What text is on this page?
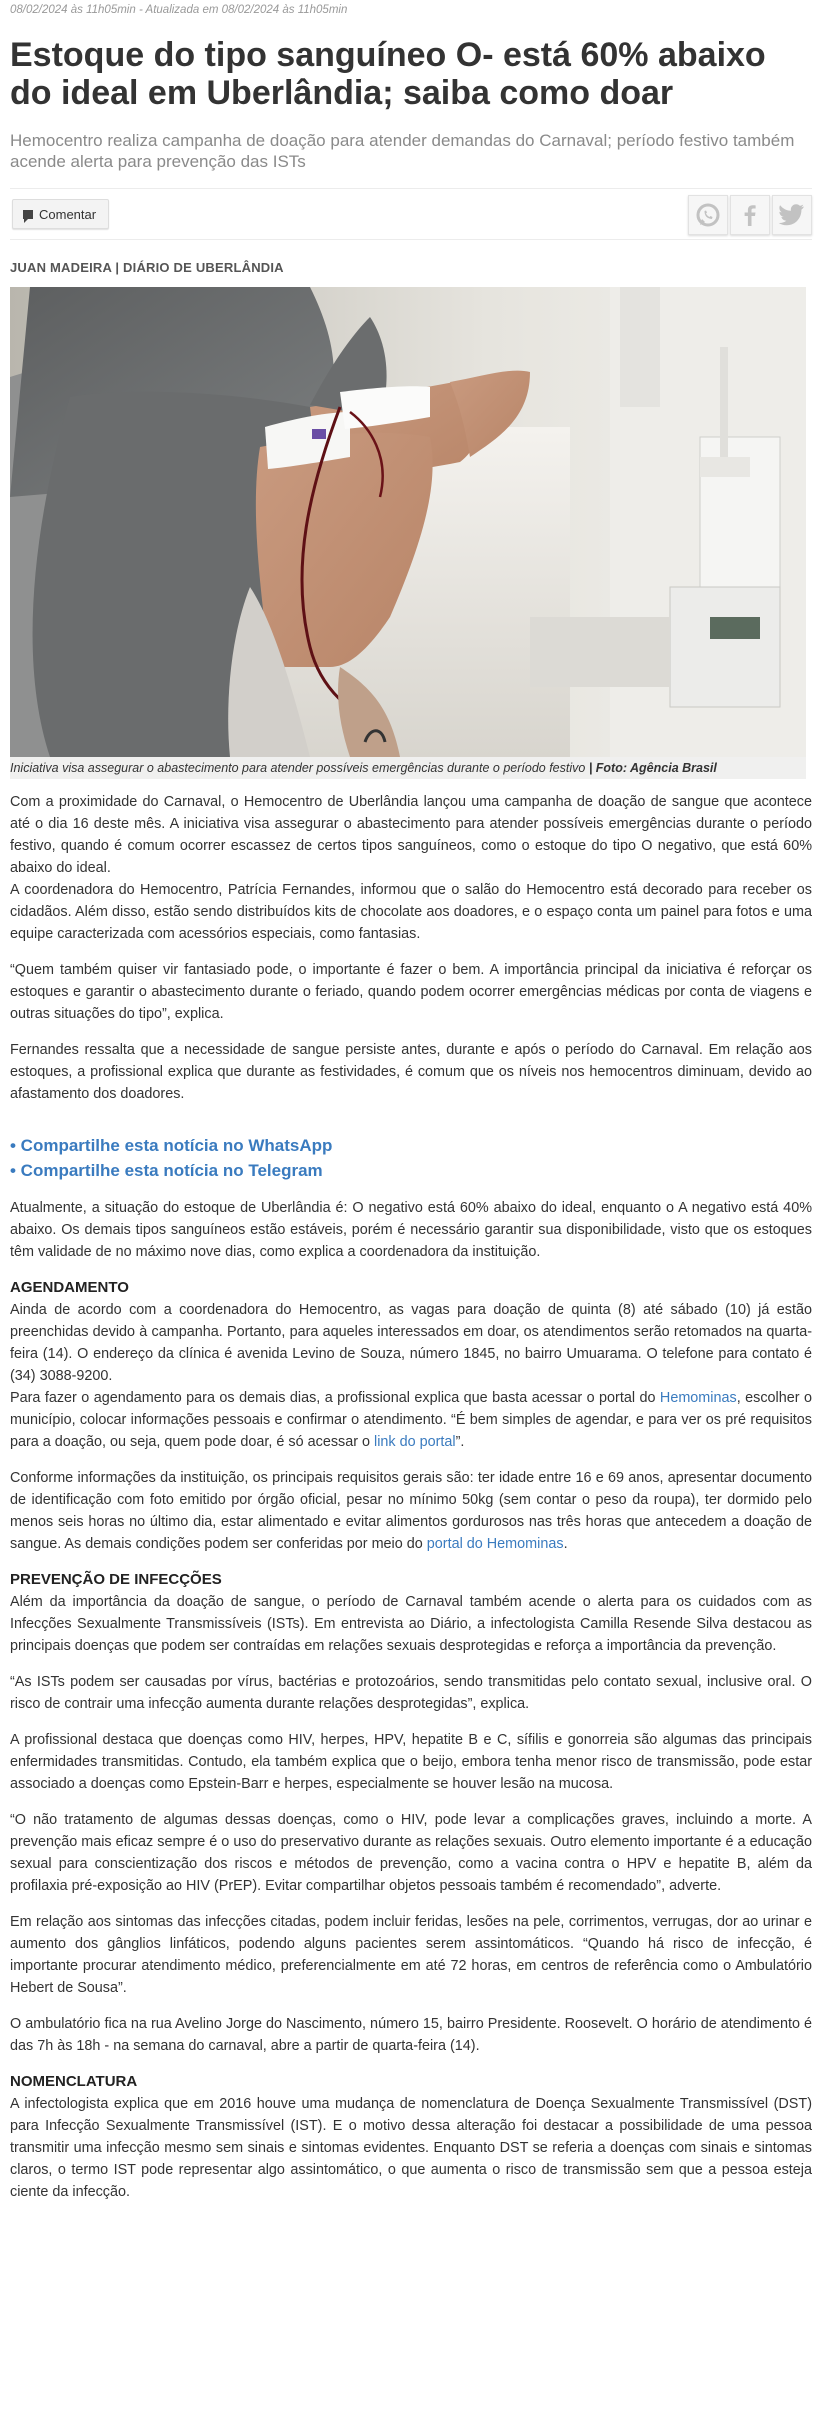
08/02/2024 às 11h05min - Atualizada em 08/02/2024 às 11h05min
Estoque do tipo sanguíneo O- está 60% abaixo do ideal em Uberlândia; saiba como doar
Hemocentro realiza campanha de doação para atender demandas do Carnaval; período festivo também acende alerta para prevenção das ISTs
Comentar
JUAN MADEIRA | DIÁRIO DE UBERLÂNDIA
Iniciativa visa assegurar o abastecimento para atender possíveis emergências durante o período festivo | Foto: Agência Brasil

Com a proximidade do Carnaval, o Hemocentro de Uberlândia lançou uma campanha de doação de sangue que acontece até o dia 16 deste mês. A iniciativa visa assegurar o abastecimento para atender possíveis emergências durante o período festivo, quando é comum ocorrer escassez de certos tipos sanguíneos, como o estoque do tipo O negativo, que está 60% abaixo do ideal.

A coordenadora do Hemocentro, Patrícia Fernandes, informou que o salão do Hemocentro está decorado para receber os cidadãos. Além disso, estão sendo distribuídos kits de chocolate aos doadores, e o espaço conta um painel para fotos e uma equipe caracterizada com acessórios especiais, como fantasias.

“Quem também quiser vir fantasiado pode, o importante é fazer o bem. A importância principal da iniciativa é reforçar os estoques e garantir o abastecimento durante o feriado, quando podem ocorrer emergências médicas por conta de viagens e outras situações do tipo”, explica.

Fernandes ressalta que a necessidade de sangue persiste antes, durante e após o período do Carnaval. Em relação aos estoques, a profissional explica que durante as festividades, é comum que os níveis nos hemocentros diminuam, devido ao afastamento dos doadores.

• Compartilhe esta notícia no WhatsApp
• Compartilhe esta notícia no Telegram

Atualmente, a situação do estoque de Uberlândia é: O negativo está 60% abaixo do ideal, enquanto o A negativo está 40% abaixo. Os demais tipos sanguíneos estão estáveis, porém é necessário garantir sua disponibilidade, visto que os estoques têm validade de no máximo nove dias, como explica a coordenadora da instituição.

AGENDAMENTO

Ainda de acordo com a coordenadora do Hemocentro, as vagas para doação de quinta (8) até sábado (10) já estão preenchidas devido à campanha. Portanto, para aqueles interessados em doar, os atendimentos serão retomados na quarta-feira (14). O endereço da clínica é avenida Levino de Souza, número 1845, no bairro Umuarama. O telefone para contato é (34) 3088-9200.

Para fazer o agendamento para os demais dias, a profissional explica que basta acessar o portal do Hemominas, escolher o município, colocar informações pessoais e confirmar o atendimento. “É bem simples de agendar, e para ver os pré requisitos para a doação, ou seja, quem pode doar, é só acessar o link do portal”.

Conforme informações da instituição, os principais requisitos gerais são: ter idade entre 16 e 69 anos, apresentar documento de identificação com foto emitido por órgão oficial, pesar no mínimo 50kg (sem contar o peso da roupa), ter dormido pelo menos seis horas no último dia, estar alimentado e evitar alimentos gordurosos nas três horas que antecedem a doação de sangue. As demais condições podem ser conferidas por meio do portal do Hemominas.

PREVENÇÃO DE INFECÇÕES

Além da importância da doação de sangue, o período de Carnaval também acende o alerta para os cuidados com as Infecções Sexualmente Transmissíveis (ISTs). Em entrevista ao Diário, a infectologista Camilla Resende Silva destacou as principais doenças que podem ser contraídas em relações sexuais desprotegidas e reforça a importância da prevenção.

“As ISTs podem ser causadas por vírus, bactérias e protozoários, sendo transmitidas pelo contato sexual, inclusive oral. O risco de contrair uma infecção aumenta durante relações desprotegidas”, explica.

A profissional destaca que doenças como HIV, herpes, HPV, hepatite B e C, sífilis e gonorreia são algumas das principais enfermidades transmitidas. Contudo, ela também explica que o beijo, embora tenha menor risco de transmissão, pode estar associado a doenças como Epstein-Barr e herpes, especialmente se houver lesão na mucosa.

“O não tratamento de algumas dessas doenças, como o HIV, pode levar a complicações graves, incluindo a morte. A prevenção mais eficaz sempre é o uso do preservativo durante as relações sexuais. Outro elemento importante é a educação sexual para conscientização dos riscos e métodos de prevenção, como a vacina contra o HPV e hepatite B, além da profilaxia pré-exposição ao HIV (PrEP). Evitar compartilhar objetos pessoais também é recomendado”, adverte.

Em relação aos sintomas das infecções citadas, podem incluir feridas, lesões na pele, corrimentos, verrugas, dor ao urinar e aumento dos gânglios linfáticos, podendo alguns pacientes serem assintomáticos. “Quando há risco de infecção, é importante procurar atendimento médico, preferencialmente em até 72 horas, em centros de referência como o Ambulatório Hebert de Sousa”.

O ambulatório fica na rua Avelino Jorge do Nascimento, número 15, bairro Presidente. Roosevelt. O horário de atendimento é das 7h às 18h - na semana do carnaval, abre a partir de quarta-feira (14).

NOMENCLATURA

A infectologista explica que em 2016 houve uma mudança de nomenclatura de Doença Sexualmente Transmissível (DST) para Infecção Sexualmente Transmissível (IST). E o motivo dessa alteração foi destacar a possibilidade de uma pessoa transmitir uma infecção mesmo sem sinais e sintomas evidentes. Enquanto DST se referia a doenças com sinais e sintomas claros, o termo IST pode representar algo assintomático, o que aumenta o risco de transmissão sem que a pessoa esteja ciente da infecção.
